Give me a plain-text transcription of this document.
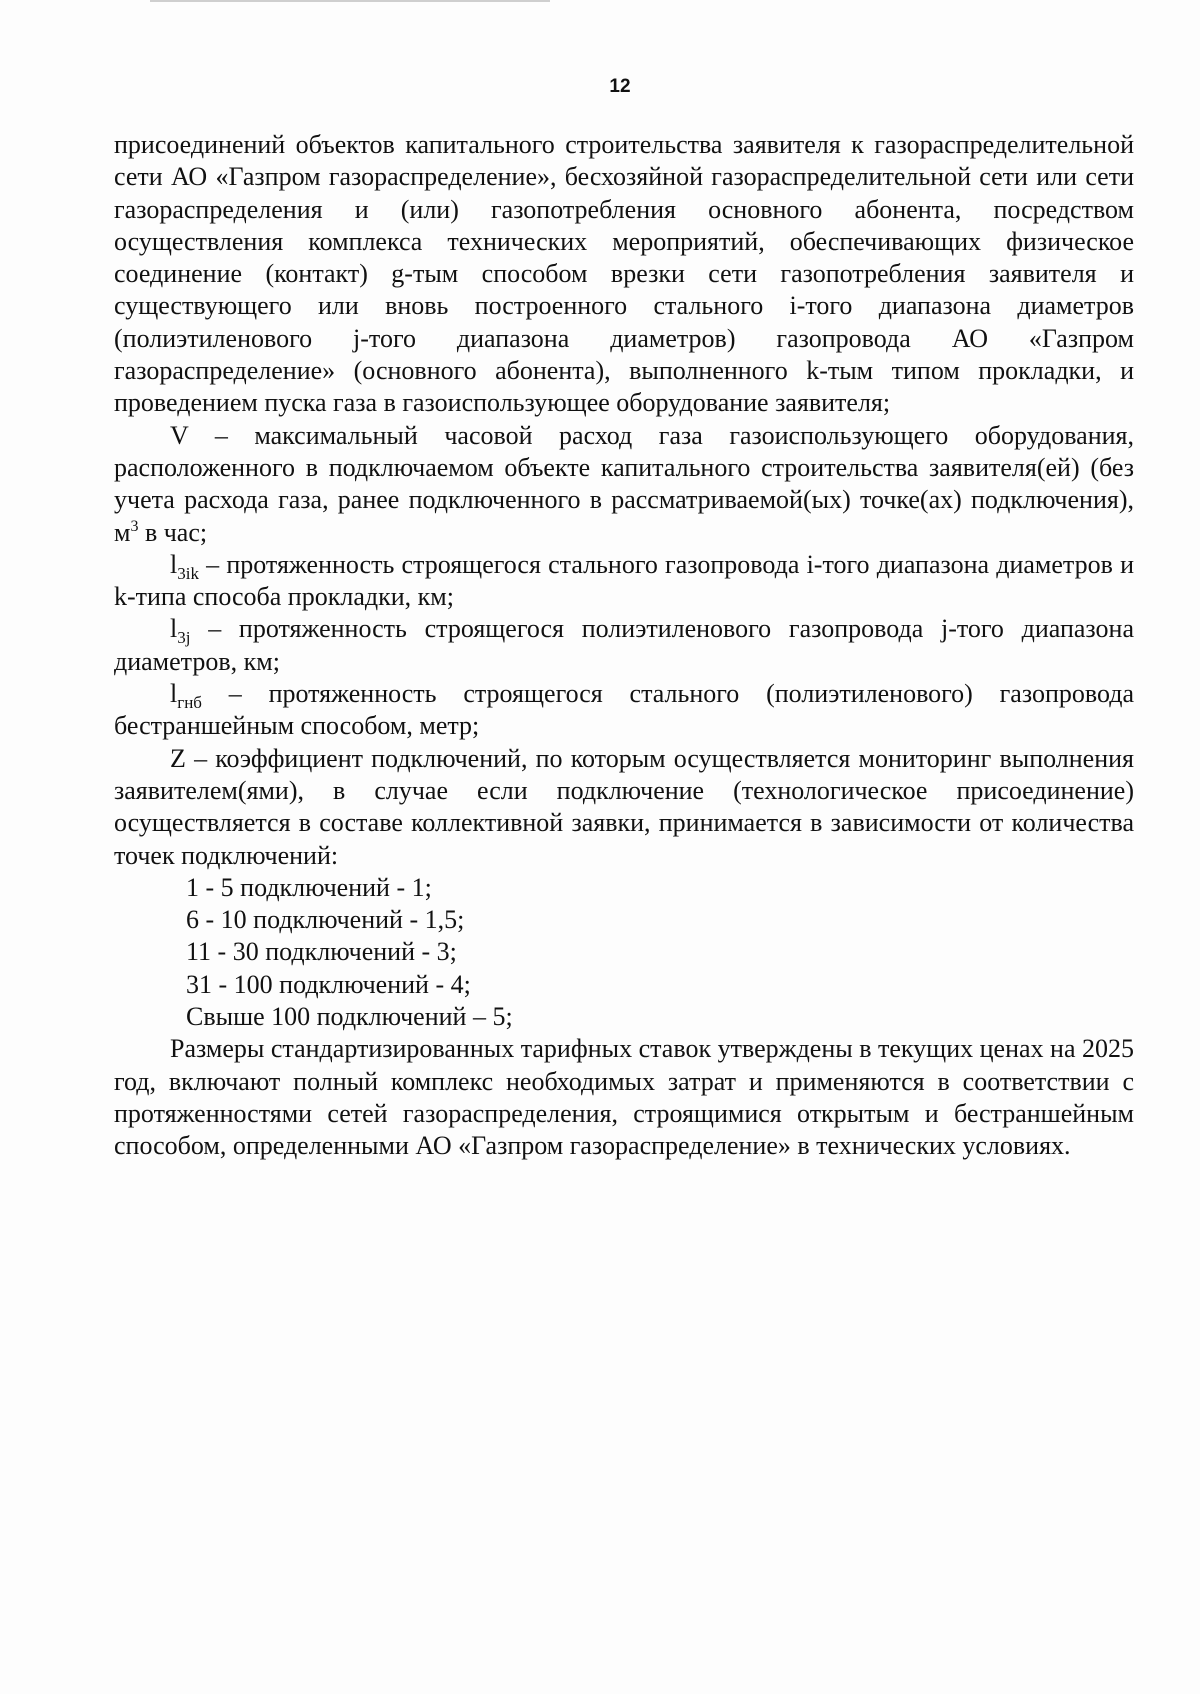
12

присоединений объектов капитального строительства заявителя к газораспределительной сети АО «Газпром газораспределение», бесхозяйной газораспределительной сети или сети газораспределения и (или) газопотребления основного абонента, посредством осуществления комплекса технических мероприятий, обеспечивающих физическое соединение (контакт) g-тым способом врезки сети газопотребления заявителя и существующего или вновь построенного стального i-того диапазона диаметров (полиэтиленового j-того диапазона диаметров) газопровода АО «Газпром газораспределение» (основного абонента), выполненного k-тым типом прокладки, и проведением пуска газа в газоиспользующее оборудование заявителя;

V – максимальный часовой расход газа газоиспользующего оборудования, расположенного в подключаемом объекте капитального строительства заявителя(ей) (без учета расхода газа, ранее подключенного в рассматриваемой(ых) точке(ах) подключения), $м^3$ в час;

$l_{3ik}$ – протяженность строящегося стального газопровода i-того диапазона диаметров и k-типа способа прокладки, км;

$l_{3j}$ – протяженность строящегося полиэтиленового газопровода j-того диапазона диаметров, км;

$l_{гнб}$ – протяженность строящегося стального (полиэтиленового) газопровода бестраншейным способом, метр;

Z – коэффициент подключений, по которым осуществляется мониторинг выполнения заявителем(ями), в случае если подключение (технологическое присоединение) осуществляется в составе коллективной заявки, принимается в зависимости от количества точек подключений:

1 - 5 подключений - 1;

6 - 10 подключений - 1,5;

11 - 30 подключений - 3;

31 - 100 подключений - 4;

Свыше 100 подключений – 5;

Размеры стандартизированных тарифных ставок утверждены в текущих ценах на 2025 год, включают полный комплекс необходимых затрат и применяются в соответствии с протяженностями сетей газораспределения, строящимися открытым и бестраншейным способом, определенными АО «Газпром газораспределение» в технических условиях.
